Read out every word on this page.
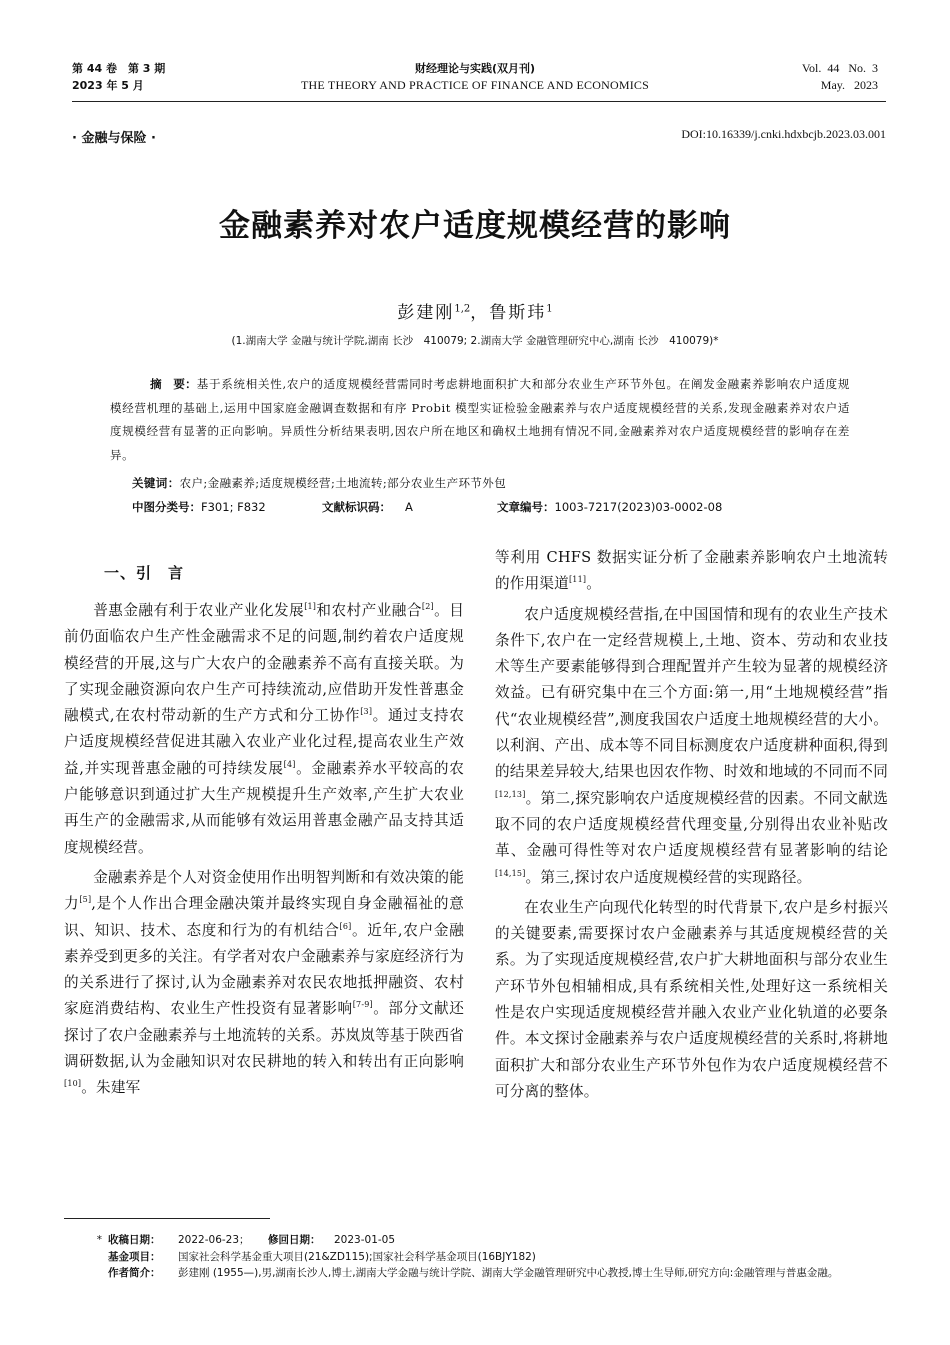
第 44 卷　第 3 期
2023 年 5 月
财经理论与实践(双月刊)
THE THEORY AND PRACTICE OF FINANCE AND ECONOMICS
Vol.  44   No.  3
May.   2023
· 金融与保险 ·	DOI:10.16339/j.cnki.hdxbcjb.2023.03.001
金融素养对农户适度规模经营的影响
彭建刚$^{1,2}$，鲁斯玮$^1$
(1.湖南大学 金融与统计学院,湖南 长沙　410079; 2.湖南大学 金融管理研究中心,湖南 长沙　410079)*
摘　要：基于系统相关性,农户的适度规模经营需同时考虑耕地面积扩大和部分农业生产环节外包。在阐发金融素养影响农户适度规模经营机理的基础上,运用中国家庭金融调查数据和有序 Probit 模型实证检验金融素养与农户适度规模经营的关系,发现金融素养对农户适度规模经营有显著的正向影响。异质性分析结果表明,因农户所在地区和确权土地拥有情况不同,金融素养对农户适度规模经营的影响存在差异。
关键词：农户;金融素养;适度规模经营;土地流转;部分农业生产环节外包
中图分类号：F301; F832	文献标识码： A	文章编号：1003-7217(2023)03-0002-08
一、引　言

普惠金融有利于农业产业化发展[1]和农村产业融合[2]。目前仍面临农户生产性金融需求不足的问题,制约着农户适度规模经营的开展,这与广大农户的金融素养不高有直接关联。为了实现金融资源向农户生产可持续流动,应借助开发性普惠金融模式,在农村带动新的生产方式和分工协作[3]。通过支持农户适度规模经营促进其融入农业产业化过程,提高农业生产效益,并实现普惠金融的可持续发展[4]。金融素养水平较高的农户能够意识到通过扩大生产规模提升生产效率,产生扩大农业再生产的金融需求,从而能够有效运用普惠金融产品支持其适度规模经营。

金融素养是个人对资金使用作出明智判断和有效决策的能力[5],是个人作出合理金融决策并最终实现自身金融福祉的意识、知识、技术、态度和行为的有机结合[6]。近年,农户金融素养受到更多的关注。有学者对农户金融素养与家庭经济行为的关系进行了探讨,认为金融素养对农民农地抵押融资、农村家庭消费结构、农业生产性投资有显著影响[7-9]。部分文献还探讨了农户金融素养与土地流转的关系。苏岚岚等基于陕西省调研数据,认为金融知识对农民耕地的转入和转出有正向影响[10]。朱建军

等利用 CHFS 数据实证分析了金融素养影响农户土地流转的作用渠道[11]。

农户适度规模经营指,在中国国情和现有的农业生产技术条件下,农户在一定经营规模上,土地、资本、劳动和农业技术等生产要素能够得到合理配置并产生较为显著的规模经济效益。已有研究集中在三个方面:第一,用“土地规模经营”指代“农业规模经营”,测度我国农户适度土地规模经营的大小。以利润、产出、成本等不同目标测度农户适度耕种面积,得到的结果差异较大,结果也因农作物、时效和地域的不同而不同[12,13]。第二,探究影响农户适度规模经营的因素。不同文献选取不同的农户适度规模经营代理变量,分别得出农业补贴改革、金融可得性等对农户适度规模经营有显著影响的结论[14,15]。第三,探讨农户适度规模经营的实现路径。

在农业生产向现代化转型的时代背景下,农户是乡村振兴的关键要素,需要探讨农户金融素养与其适度规模经营的关系。为了实现适度规模经营,农户扩大耕地面积与部分农业生产环节外包相辅相成,具有系统相关性,处理好这一系统相关性是农户实现适度规模经营并融入农业产业化轨道的必要条件。本文探讨金融素养与农户适度规模经营的关系时,将耕地面积扩大和部分农业生产环节外包作为农户适度规模经营不可分离的整体。

* 收稿日期：	2022-06-23；	修回日期：	2023-01-05
基金项目：	国家社会科学基金重大项目(21&ZD115);国家社会科学基金项目(16BJY182)
作者简介：	彭建刚 (1955—),男,湖南长沙人,博士,湖南大学金融与统计学院、湖南大学金融管理研究中心教授,博士生导师,研究方向:金融管理与普惠金融。
